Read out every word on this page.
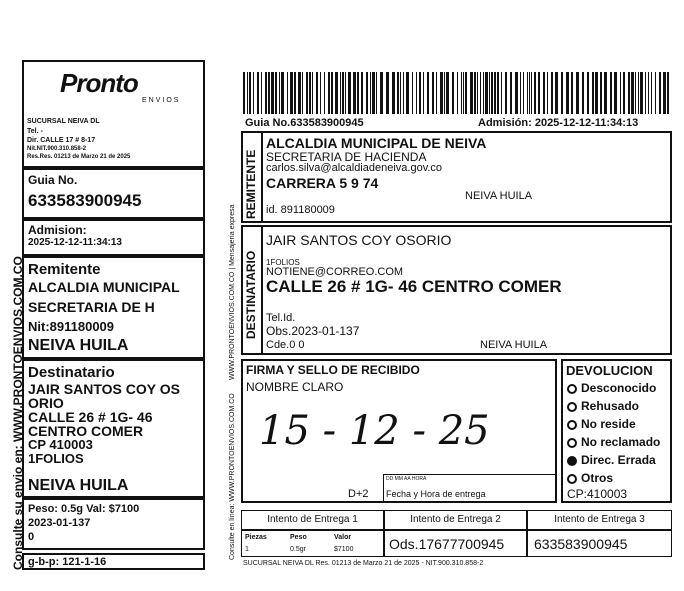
Consulte su envio en: WWW.PRONTOENVIOS.COM.CO
Pronto
ENVIOS
SUCURSAL NEIVA DL
Tel. -
Dir. CALLE 17 # 8-17
Nit.NIT.900.310.858-2
Res.Res. 01213 de Marzo 21 de 2025
Guia No.
633583900945
Admision:
2025-12-12-11:34:13
Remitente
ALCALDIA MUNICIPAL
SECRETARIA DE H
Nit:891180009
NEIVA HUILA
Destinatario
JAIR SANTOS COY OS
ORIO
CALLE 26 # 1G- 46
CENTRO COMER
CP 410003
1FOLIOS
NEIVA HUILA
Peso: 0.5g Val: $7100
2023-01-137
0
g-b-p: 121-1-16
Consulte en línea: WWW.PRONTOENVIOS.COM.CO
WWW.PRONTOENVIOS.COM.CO | Mensajería expresa
Guia No.633583900945	Admisión: 2025-12-12-11:34:13
REMITENTE
ALCALDIA MUNICIPAL DE NEIVA
SECRETARIA DE HACIENDA
carlos.silva@alcaldiadeneiva.gov.co
CARRERA 5 9 74
NEIVA HUILA
id. 891180009
DESTINATARIO
JAIR SANTOS COY OSORIO
1FOLIOS
NOTIENE@CORREO.COM
CALLE 26 # 1G- 46 CENTRO COMER
Tel.Id.
Obs.2023-01-137
Cde.0 0	NEIVA HUILA
FIRMA Y SELLO DE RECIBIDO
NOMBRE CLARO
15 - 12 - 25
D+2
DD MM AA HORA
Fecha y Hora de entrega
DEVOLUCION
Desconocido
Rehusado
No reside
No reclamado
Direc. Errada
Otros
CP:410003
Intento de Entrega 1	Intento de Entrega 2	Intento de Entrega 3
Piezas	Peso	Valor
1	0.5gr	$7100	Ods.17677700945 633583900945
SUCURSAL NEIVA DL Res. 01213 de Marzo 21 de 2025 - NIT.900.310.858-2
